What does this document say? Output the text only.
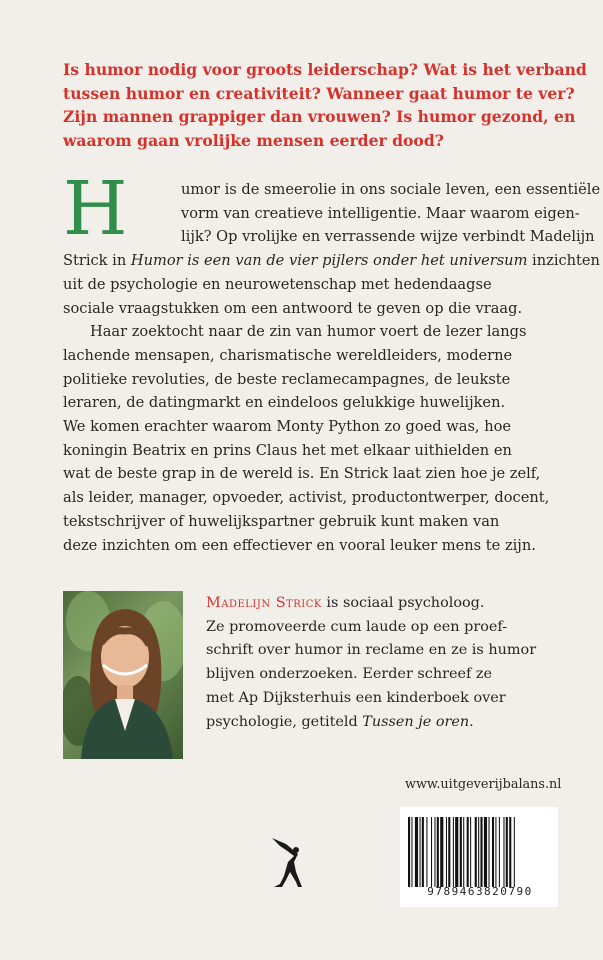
Is humor nodig voor groots leiderschap? Wat is het verband
tussen humor en creativiteit? Wanneer gaat humor te ver?
Zijn mannen grappiger dan vrouwen? Is humor gezond, en
waarom gaan vrolijke mensen eerder dood?

H	umor is de smeerolie in ons sociale leven, een essentiële
vorm van creatieve intelligentie. Maar waarom eigen-
lijk? Op vrolijke en verrassende wijze verbindt Madelijn
Strick in Humor is een van de vier pijlers onder het universum inzichten
uit de psychologie en neurowetenschap met hedendaagse
sociale vraagstukken om een antwoord te geven op die vraag.
Haar zoektocht naar de zin van humor voert de lezer langs
lachende mensapen, charismatische wereldleiders, moderne
politieke revoluties, de beste reclamecampagnes, de leukste
leraren, de datingmarkt en eindeloos gelukkige huwelijken.
We komen erachter waarom Monty Python zo goed was, hoe
koningin Beatrix en prins Claus het met elkaar uithielden en
wat de beste grap in de wereld is. En Strick laat zien hoe je zelf,
als leider, manager, opvoeder, activist, productontwerper, docent,
tekstschrijver of huwelijkspartner gebruik kunt maken van
deze inzichten om een effectiever en vooral leuker mens te zijn.

Madelijn Strick is sociaal psycholoog.
Ze promoveerde cum laude op een proef-
schrift over humor in reclame en ze is humor
blijven onderzoeken. Eerder schreef ze
met Ap Dijksterhuis een kinderboek over
psychologie, getiteld Tussen je oren.

www.uitgeverijbalans.nl
9789463820790
